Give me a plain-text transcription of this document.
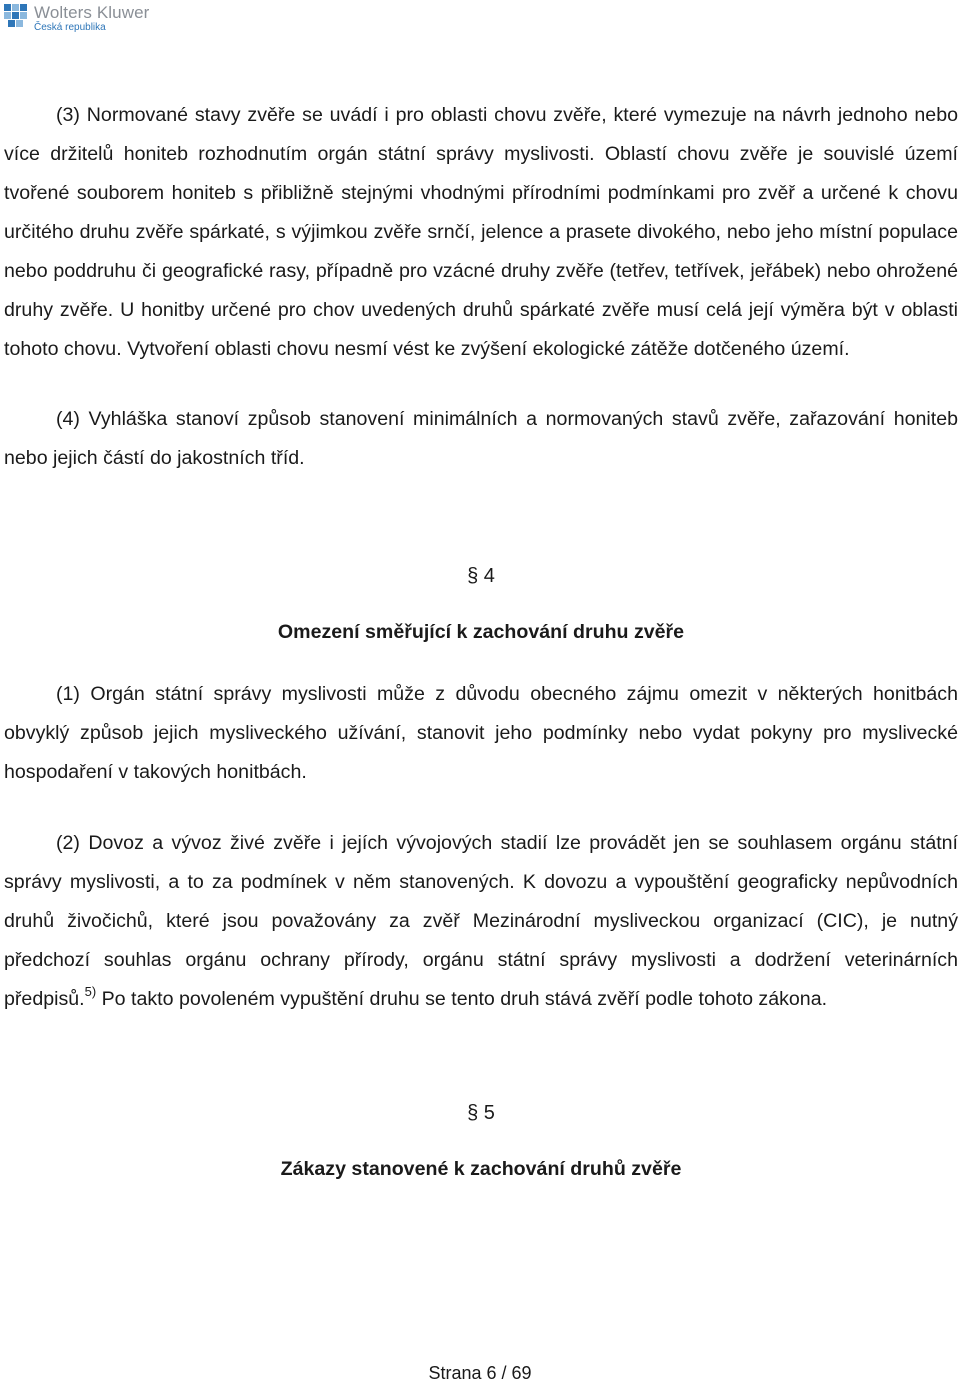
Wolters Kluwer
Česká republika

(3) Normované stavy zvěře se uvádí i pro oblasti chovu zvěře, které vymezuje na návrh jednoho nebo více držitelů honiteb rozhodnutím orgán státní správy myslivosti. Oblastí chovu zvěře je souvislé území tvořené souborem honiteb s přibližně stejnými vhodnými přírodními podmínkami pro zvěř a určené k chovu určitého druhu zvěře spárkaté, s výjimkou zvěře srnčí, jelence a prasete divokého, nebo jeho místní populace nebo poddruhu či geografické rasy, případně pro vzácné druhy zvěře (tetřev, tetřívek, jeřábek) nebo ohrožené druhy zvěře. U honitby určené pro chov uvedených druhů spárkaté zvěře musí celá její výměra být v oblasti tohoto chovu. Vytvoření oblasti chovu nesmí vést ke zvýšení ekologické zátěže dotčeného území.

(4) Vyhláška stanoví způsob stanovení minimálních a normovaných stavů zvěře, zařazování honiteb nebo jejich částí do jakostních tříd.

§ 4

Omezení směřující k zachování druhu zvěře

(1) Orgán státní správy myslivosti může z důvodu obecného zájmu omezit v některých honitbách obvyklý způsob jejich mysliveckého užívání, stanovit jeho podmínky nebo vydat pokyny pro myslivecké hospodaření v takových honitbách.

(2) Dovoz a vývoz živé zvěře i jejích vývojových stadií lze provádět jen se souhlasem orgánu státní správy myslivosti, a to za podmínek v něm stanovených. K dovozu a vypouštění geograficky nepůvodních druhů živočichů, které jsou považovány za zvěř Mezinárodní mysliveckou organizací (CIC), je nutný předchozí souhlas orgánu ochrany přírody, orgánu státní správy myslivosti a dodržení veterinárních předpisů.$^{5)}$ Po takto povoleném vypuštění druhu se tento druh stává zvěří podle tohoto zákona.

§ 5

Zákazy stanovené k zachování druhů zvěře

Strana 6 / 69
